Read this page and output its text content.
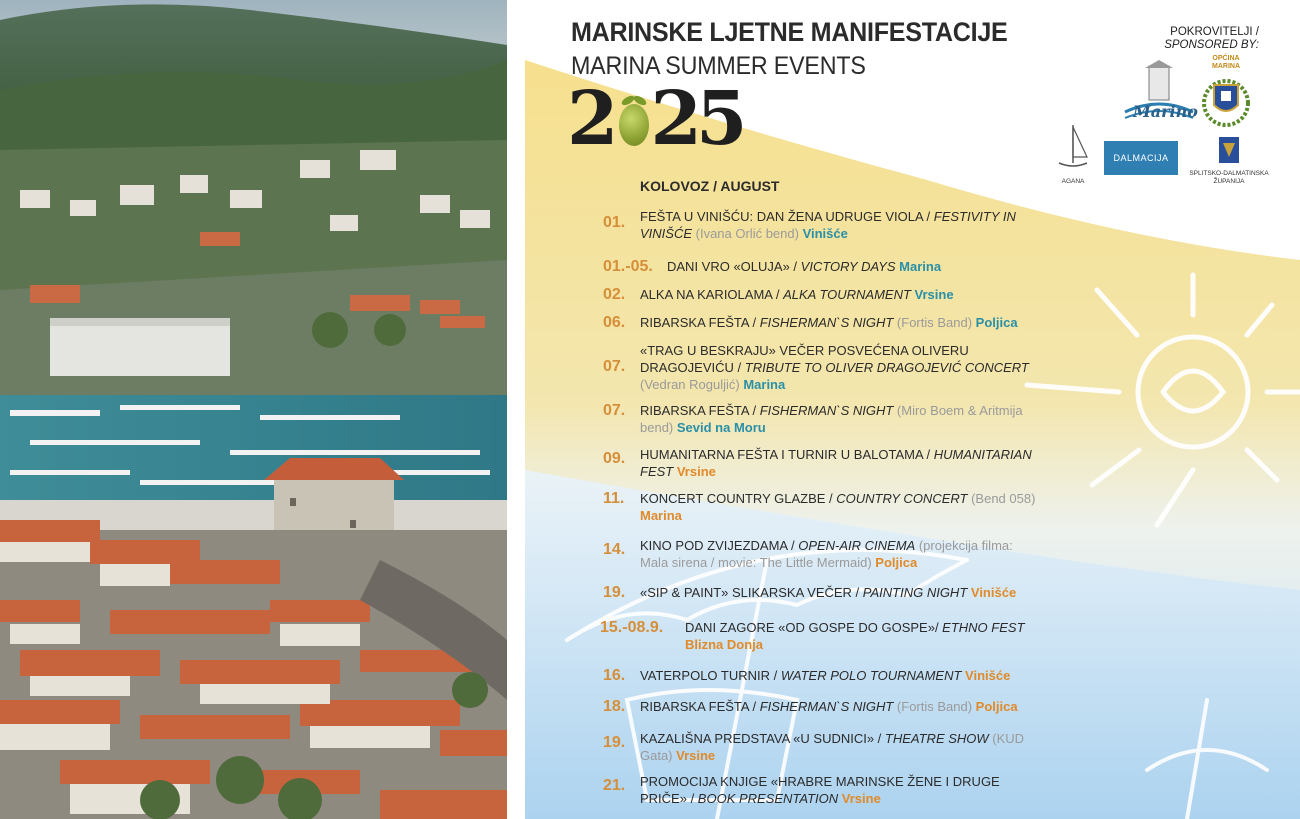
MARINSKE LJETNE MANIFESTACIJE
MARINA SUMMER EVENTS
2 25
POKROVITELJI /
SPONSORED BY:
Marino
OPĆINA MARINA
AGANA
DALMACIJA
SPLITSKO-DALMATINSKA
ŽUPANIJA
KOLOVOZ / AUGUST
01. FEŠTA U VINIŠĆU: DAN ŽENA UDRUGE VIOLA / FESTIVITY IN VINIŠĆE (Ivana Orlić bend) Vinišće
01.-05. DANI VRO «OLUJA» / VICTORY DAYS Marina
02. ALKA NA KARIOLAMA / ALKA TOURNAMENT Vrsine
06. RIBARSKA FEŠTA / FISHERMAN`S NIGHT (Fortis Band) Poljica
07.
«TRAG U BESKRAJU» VEČER POSVEĆENA OLIVERU DRAGOJEVIĆU / TRIBUTE TO OLIVER DRAGOJEVIĆ CONCERT (Vedran Rogulјić) Marina
07. RIBARSKA FEŠTA / FISHERMAN`S NIGHT (Miro Boem & Aritmija bend) Sevid na Moru
09. HUMANITARNA FEŠTA I TURNIR U BALOTAMA / HUMANITARIAN FEST Vrsine
11. KONCERT COUNTRY GLAZBE / COUNTRY CONCERT (Bend 058) Marina
14. KINO POD ZVIJEZDAMA / OPEN-AIR CINEMA (projekcija filma: Mala sirena / movie: The Little Mermaid) Poljica
19. «SIP & PAINT» SLIKARSKA VEČER / PAINTING NIGHT Vinišće
15.-08.9. DANI ZAGORE «OD GOSPE DO GOSPE»/ ETHNO FEST Blizna Donja
16. VATERPOLO TURNIR / WATER POLO TOURNAMENT Vinišće
18. RIBARSKA FEŠTA / FISHERMAN`S NIGHT (Fortis Band) Poljica
19. KAZALIŠNA PREDSTAVA «U SUDNICI» / THEATRE SHOW (KUD Gata) Vrsine
21. PROMOCIJA KNJIGE «HRABRE MARINSKE ŽENE I DRUGE PRIČE» / BOOK PRESENTATION Vrsine
